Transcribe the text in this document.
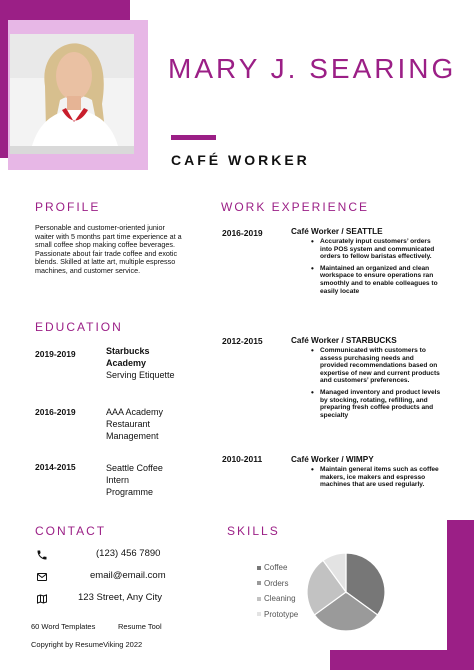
MARY J. SEARING
CAFÉ WORKER
PROFILE
Personable and customer-oriented junior waiter with 5 months part time experience at a small coffee shop making coffee beverages. Passionate about fair trade coffee and exotic blends. Skilled at latte art, multiple espresso machines, and customer service.
EDUCATION
2019-2019	Starbucks
Academy
Serving Etiquette
2016-2019	AAA Academy
Restaurant
Management
2014-2015	Seattle Coffee
Intern
Programme
WORK EXPERIENCE
2016-2019	Café Worker / SEATTLE
• Accurately input customers’ orders into POS system and communicated orders to fellow baristas effectively.
• Maintained an organized and clean workspace to ensure operations ran smoothly and to enable colleagues to easily locate
2012-2015	Café Worker / STARBUCKS
• Communicated with customers to assess purchasing needs and provided recommendations based on expertise of new and current products and customers’ preferences.
• Managed inventory and product levels by stocking, rotating, refilling, and preparing fresh coffee products and specialty
2010-2011	Café Worker / WIMPY
• Maintain general items such as coffee makers, ice makers and espresso machines that are used regularly.
CONTACT
(123) 456 7890
email@email.com
123 Street, Any City
SKILLS
Coffee
Orders
Cleaning
Prototype
60 Word Templates	Resume Tool
Copyright by ResumeViking 2022
